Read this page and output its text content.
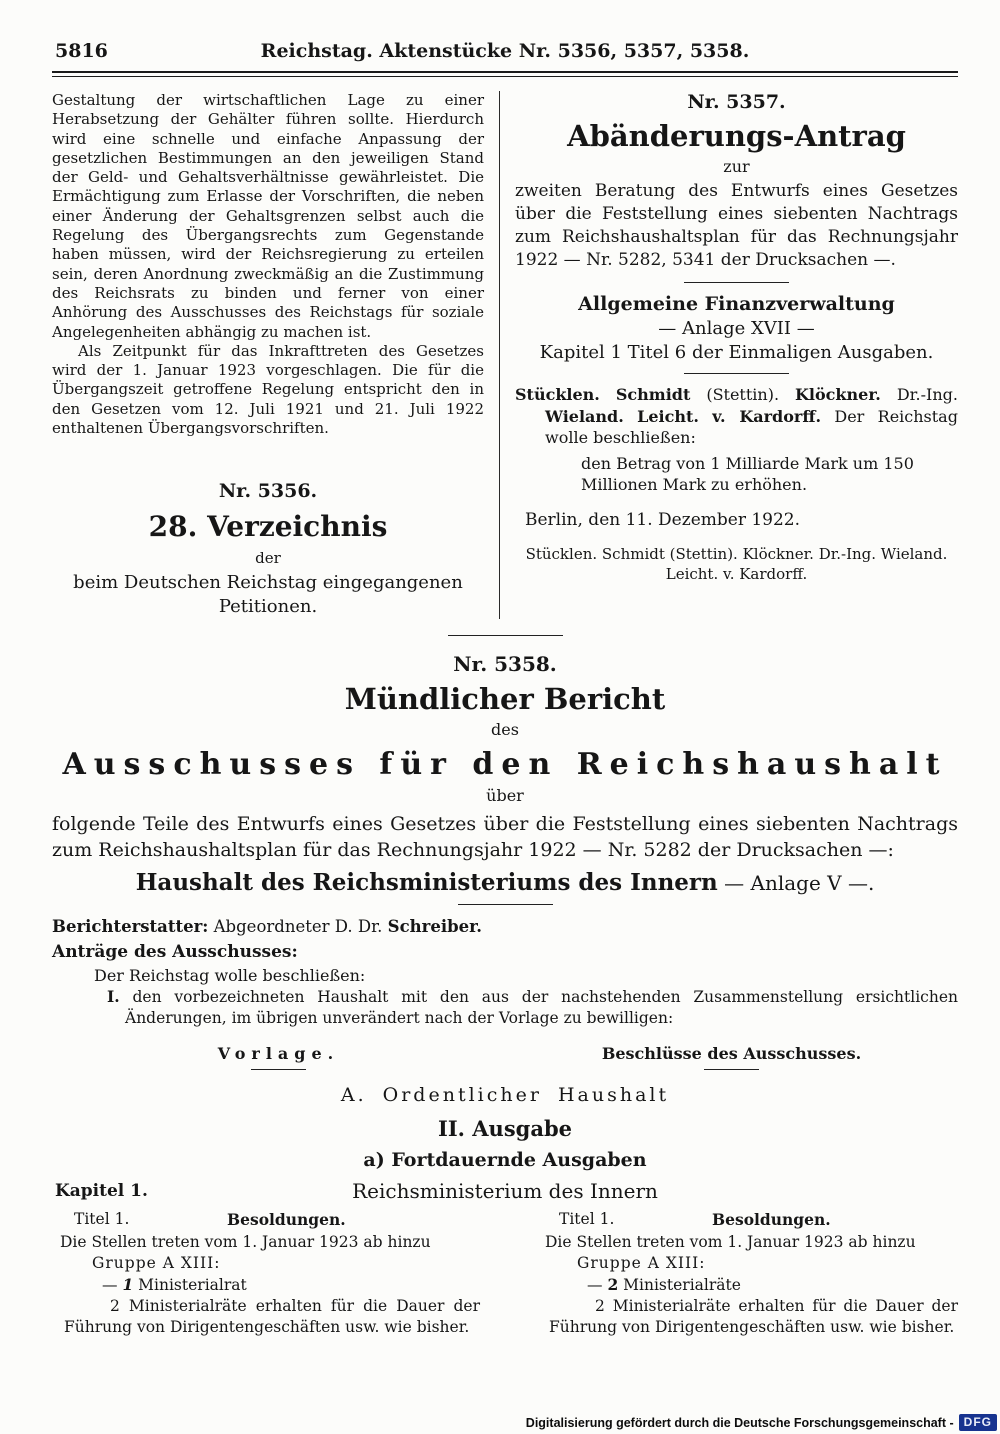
5816	Reichstag. Aktenstücke Nr. 5356, 5357, 5358.
Gestaltung der wirtschaftlichen Lage zu einer Herabsetzung der Gehälter führen sollte. Hierdurch wird eine schnelle und einfache Anpassung der gesetzlichen Bestimmungen an den jeweiligen Stand der Geld- und Gehaltsverhältnisse gewährleistet. Die Ermächtigung zum Erlasse der Vorschriften, die neben einer Änderung der Gehaltsgrenzen selbst auch die Regelung des Übergangsrechts zum Gegenstande haben müssen, wird der Reichsregierung zu erteilen sein, deren Anordnung zweckmäßig an die Zustimmung des Reichsrats zu binden und ferner von einer Anhörung des Ausschusses des Reichstags für soziale Angelegenheiten abhängig zu machen ist.
Als Zeitpunkt für das Inkrafttreten des Gesetzes wird der 1. Januar 1923 vorgeschlagen. Die für die Übergangszeit getroffene Regelung entspricht den in den Gesetzen vom 12. Juli 1921 und 21. Juli 1922 enthaltenen Übergangsvorschriften.
Nr. 5356.
28. Verzeichnis
der
beim Deutschen Reichstag eingegangenen Petitionen.
Nr. 5357.
Abänderungs-Antrag
zur
zweiten Beratung des Entwurfs eines Gesetzes über die Feststellung eines siebenten Nachtrags zum Reichshaushaltsplan für das Rechnungsjahr 1922 — Nr. 5282, 5341 der Drucksachen —.
Allgemeine Finanzverwaltung
— Anlage XVII —
Kapitel 1 Titel 6 der Einmaligen Ausgaben.
Stücklen. Schmidt (Stettin). Klöckner. Dr.-Ing. Wieland. Leicht. v. Kardorff. Der Reichstag wolle beschließen:
den Betrag von 1 Milliarde Mark um 150 Millionen Mark zu erhöhen.
Berlin, den 11. Dezember 1922.
Stücklen. Schmidt (Stettin). Klöckner. Dr.-Ing. Wieland.
Leicht. v. Kardorff.
Nr. 5358.
Mündlicher Bericht
des
Ausschusses für den Reichshaushalt
über
folgende Teile des Entwurfs eines Gesetzes über die Feststellung eines siebenten Nachtrags zum Reichshaushaltsplan für das Rechnungsjahr 1922 — Nr. 5282 der Drucksachen —:
Haushalt des Reichsministeriums des Innern — Anlage V —.
Berichterstatter: Abgeordneter D. Dr. Schreiber.
Anträge des Ausschusses:
Der Reichstag wolle beschließen:
I. den vorbezeichneten Haushalt mit den aus der nachstehenden Zusammenstellung ersichtlichen Änderungen, im übrigen unverändert nach der Vorlage zu bewilligen:
Vorlage.	Beschlüsse des Ausschusses.
A. Ordentlicher Haushalt
II. Ausgabe
a) Fortdauernde Ausgaben
Kapitel 1.	Reichsministerium des Innern
Titel 1.	Besoldungen.
Die Stellen treten vom 1. Januar 1923 ab hinzu
Gruppe A XIII:
— 1 Ministerialrat
2 Ministerialräte erhalten für die Dauer der Führung von Dirigentengeschäften usw. wie bisher.
Titel 1.	Besoldungen.
Die Stellen treten vom 1. Januar 1923 ab hinzu
Gruppe A XIII:
— 2 Ministerialräte
2 Ministerialräte erhalten für die Dauer der Führung von Dirigentengeschäften usw. wie bisher.
Digitalisierung gefördert durch die Deutsche Forschungsgemeinschaft - DFG
